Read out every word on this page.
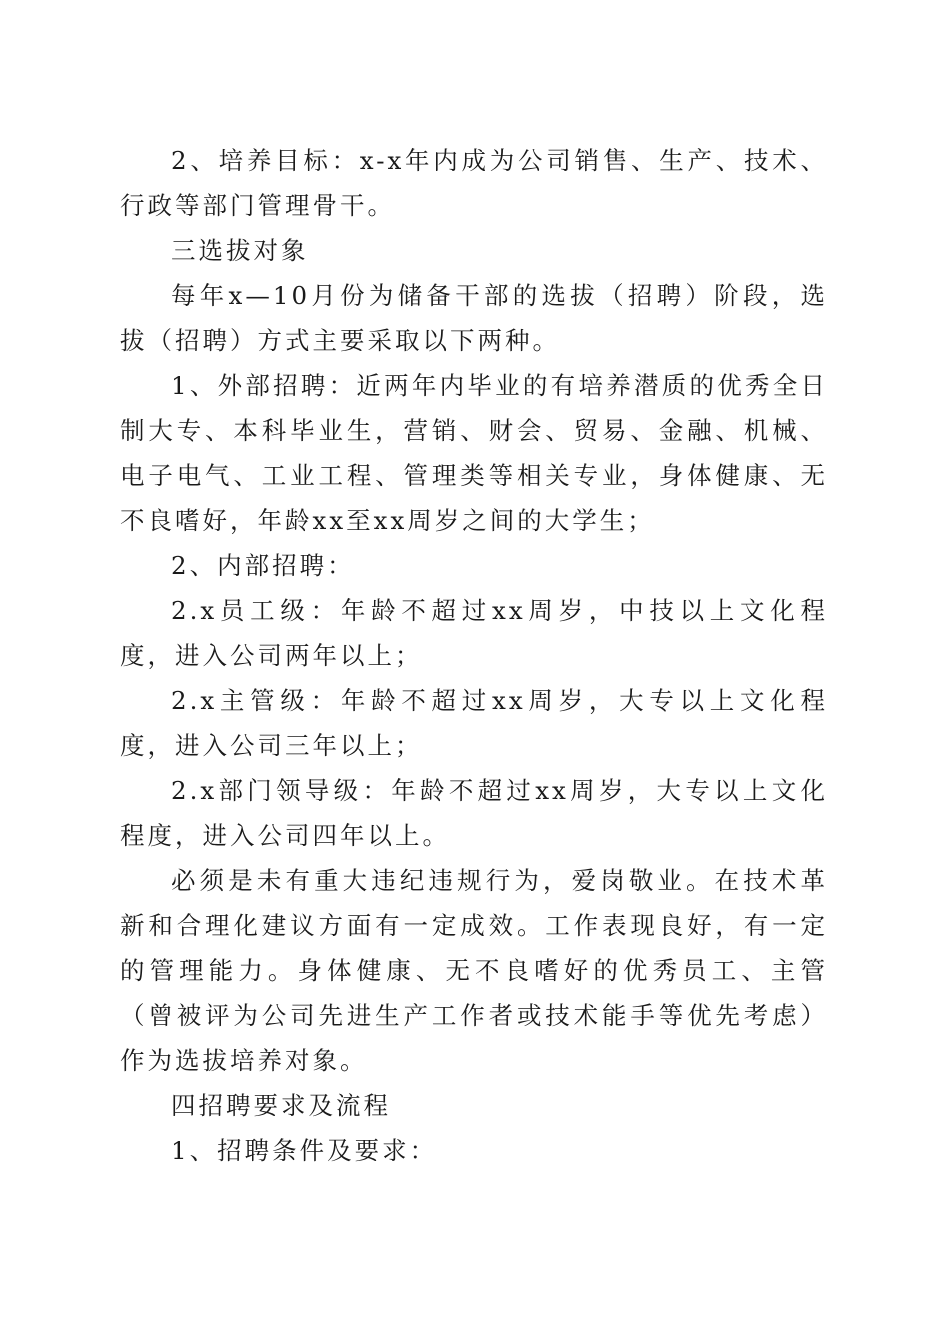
2、培养目标：x-x年内成为公司销售、生产、技术、行政等部门管理骨干。

三选拔对象

每年x—10月份为储备干部的选拔（招聘）阶段，选拔（招聘）方式主要采取以下两种。

1、外部招聘：近两年内毕业的有培养潜质的优秀全日制大专、本科毕业生，营销、财会、贸易、金融、机械、电子电气、工业工程、管理类等相关专业，身体健康、无不良嗜好，年龄xx至xx周岁之间的大学生；

2、内部招聘：

2.x员工级：年龄不超过xx周岁，中技以上文化程度，进入公司两年以上；

2.x主管级：年龄不超过xx周岁，大专以上文化程度，进入公司三年以上；

2.x部门领导级：年龄不超过xx周岁，大专以上文化程度，进入公司四年以上。

必须是未有重大违纪违规行为，爱岗敬业。在技术革新和合理化建议方面有一定成效。工作表现良好，有一定的管理能力。身体健康、无不良嗜好的优秀员工、主管（曾被评为公司先进生产工作者或技术能手等优先考虑）作为选拔培养对象。

四招聘要求及流程

1、招聘条件及要求：
